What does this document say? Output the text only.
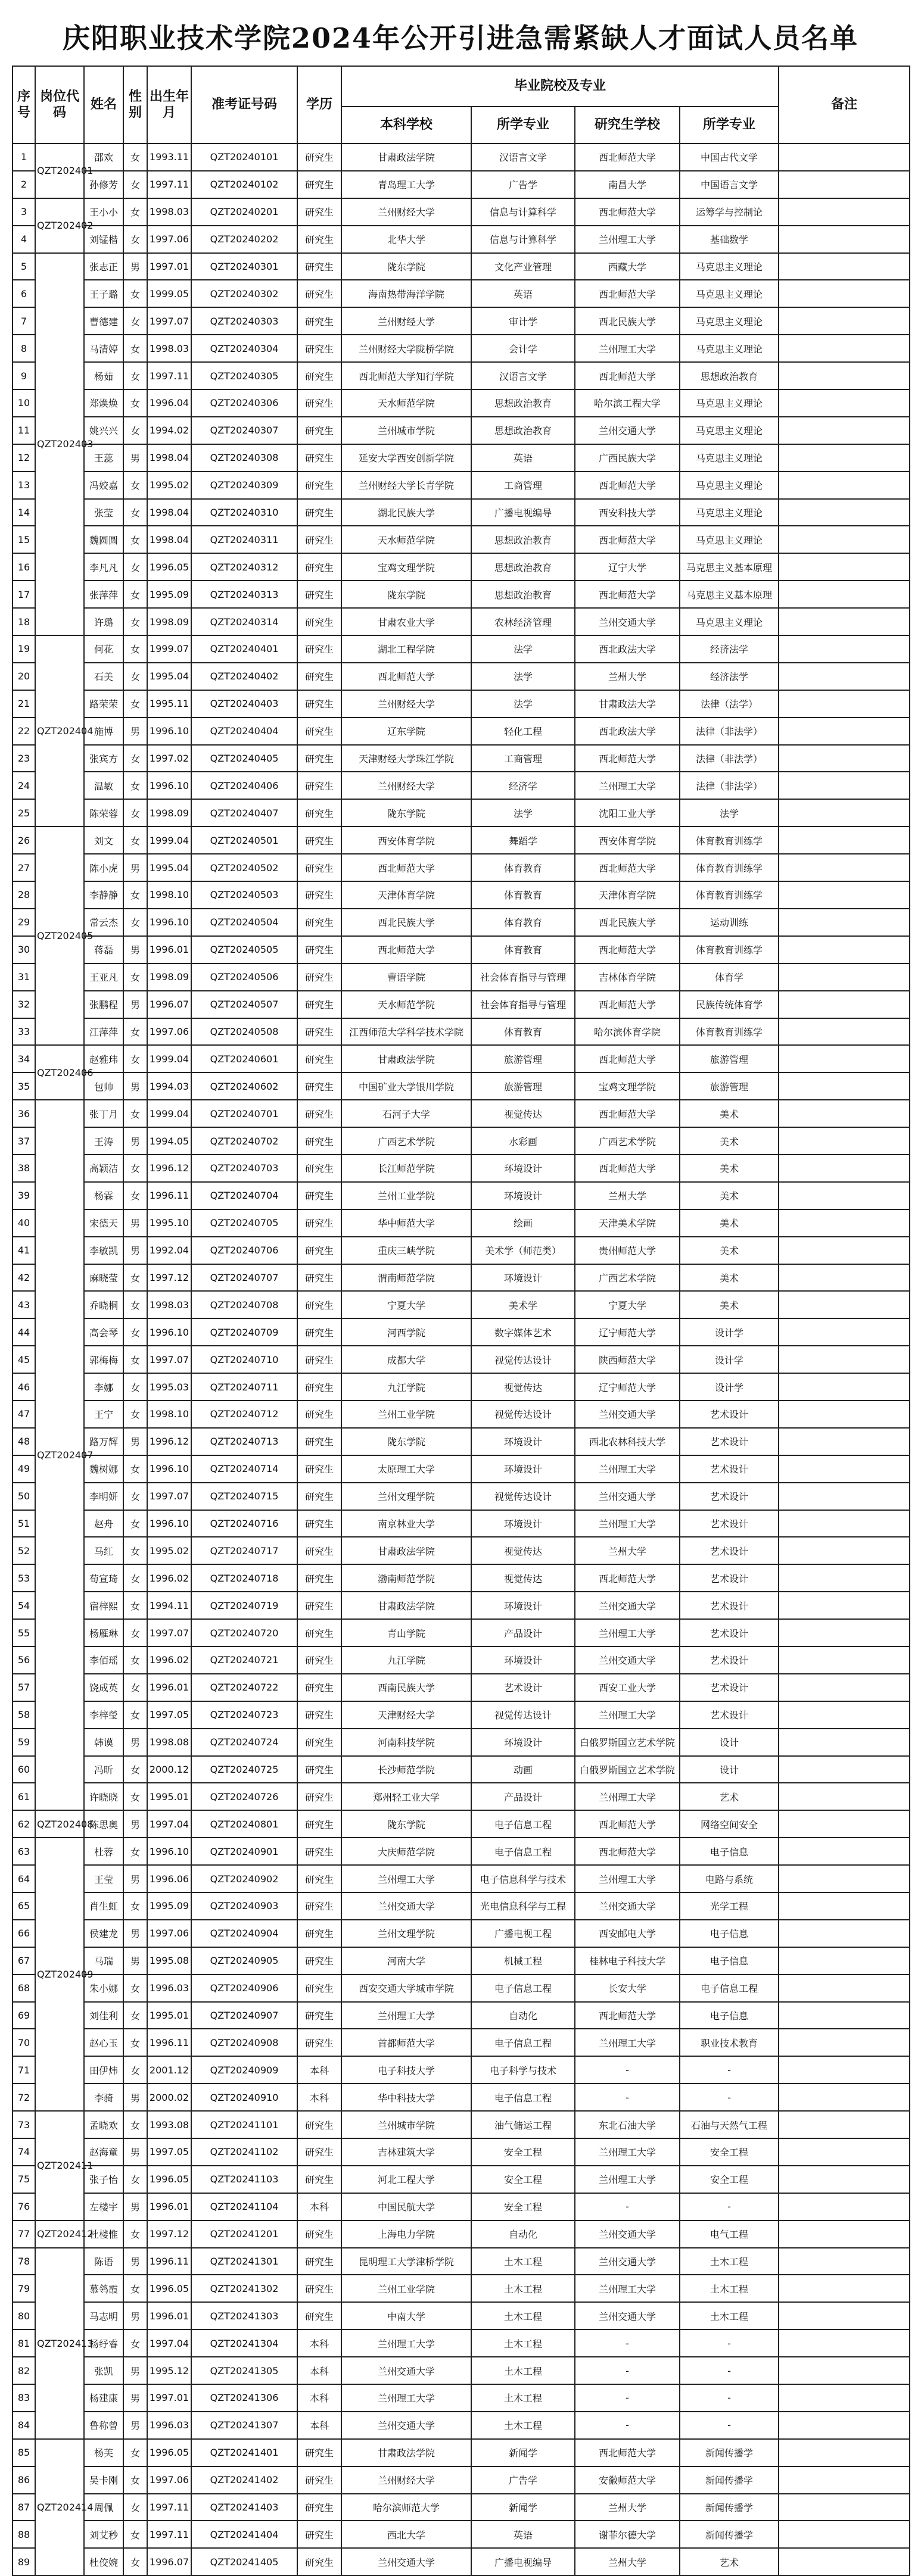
庆阳职业技术学院2024年公开引进急需紧缺人才面试人员名单
序号	岗位代码	姓名	性别	出生年月	准考证号码	学历	毕业院校及专业				备注
							本科学校	所学专业	研究生学校	所学专业	
1	QZT202401	邵欢	女	1993.11	QZT20240101	研究生	甘肃政法学院	汉语言文学	西北师范大学	中国古代文学	
2		孙修芳	女	1997.11	QZT20240102	研究生	青岛理工大学	广告学	南昌大学	中国语言文学	
3	QZT202402	王小小	女	1998.03	QZT20240201	研究生	兰州财经大学	信息与计算科学	西北师范大学	运筹学与控制论	
4		刘锰楷	女	1997.06	QZT20240202	研究生	北华大学	信息与计算科学	兰州理工大学	基础数学	
5	QZT202403	张志正	男	1997.01	QZT20240301	研究生	陇东学院	文化产业管理	西藏大学	马克思主义理论	
6		王子璐	女	1999.05	QZT20240302	研究生	海南热带海洋学院	英语	西北师范大学	马克思主义理论	
7		曹德建	女	1997.07	QZT20240303	研究生	兰州财经大学	审计学	西北民族大学	马克思主义理论	
8		马清婷	女	1998.03	QZT20240304	研究生	兰州财经大学陇桥学院	会计学	兰州理工大学	马克思主义理论	
9		杨茹	女	1997.11	QZT20240305	研究生	西北师范大学知行学院	汉语言文学	西北师范大学	思想政治教育	
10		郑焕焕	女	1996.04	QZT20240306	研究生	天水师范学院	思想政治教育	哈尔滨工程大学	马克思主义理论	
11		姚兴兴	女	1994.02	QZT20240307	研究生	兰州城市学院	思想政治教育	兰州交通大学	马克思主义理论	
12		王蕊	男	1998.04	QZT20240308	研究生	延安大学西安创新学院	英语	广西民族大学	马克思主义理论	
13		冯姣嘉	女	1995.02	QZT20240309	研究生	兰州财经大学长青学院	工商管理	西北师范大学	马克思主义理论	
14		张莹	女	1998.04	QZT20240310	研究生	湖北民族大学	广播电视编导	西安科技大学	马克思主义理论	
15		魏圆圆	女	1998.04	QZT20240311	研究生	天水师范学院	思想政治教育	西北师范大学	马克思主义理论	
16		李凡凡	女	1996.05	QZT20240312	研究生	宝鸡文理学院	思想政治教育	辽宁大学	马克思主义基本原理	
17		张萍萍	女	1995.09	QZT20240313	研究生	陇东学院	思想政治教育	西北师范大学	马克思主义基本原理	
18		许璐	女	1998.09	QZT20240314	研究生	甘肃农业大学	农林经济管理	兰州交通大学	马克思主义理论	
19	QZT202404	何花	女	1999.07	QZT20240401	研究生	湖北工程学院	法学	西北政法大学	经济法学	
20		石美	女	1995.04	QZT20240402	研究生	西北师范大学	法学	兰州大学	经济法学	
21		路荣荣	女	1995.11	QZT20240403	研究生	兰州财经大学	法学	甘肃政法大学	法律（法学）	
22		施博	男	1996.10	QZT20240404	研究生	辽东学院	轻化工程	西北政法大学	法律（非法学）	
23		张宾方	女	1997.02	QZT20240405	研究生	天津财经大学珠江学院	工商管理	西北师范大学	法律（非法学）	
24		温敏	女	1996.10	QZT20240406	研究生	兰州财经大学	经济学	兰州理工大学	法律（非法学）	
25		陈荣蓉	女	1998.09	QZT20240407	研究生	陇东学院	法学	沈阳工业大学	法学	
26	QZT202405	刘文	女	1999.04	QZT20240501	研究生	西安体育学院	舞蹈学	西安体育学院	体育教育训练学	
27		陈小虎	男	1995.04	QZT20240502	研究生	西北师范大学	体育教育	西北师范大学	体育教育训练学	
28		李静静	女	1998.10	QZT20240503	研究生	天津体育学院	体育教育	天津体育学院	体育教育训练学	
29		常云杰	女	1996.10	QZT20240504	研究生	西北民族大学	体育教育	西北民族大学	运动训练	
30		蒋磊	男	1996.01	QZT20240505	研究生	西北师范大学	体育教育	西北师范大学	体育教育训练学	
31		王亚凡	女	1998.09	QZT20240506	研究生	曹语学院	社会体育指导与管理	吉林体育学院	体育学	
32		张鹏程	男	1996.07	QZT20240507	研究生	天水师范学院	社会体育指导与管理	西北师范大学	民族传统体育学	
33		江萍萍	女	1997.06	QZT20240508	研究生	江西师范大学科学技术学院	体育教育	哈尔滨体育学院	体育教育训练学	
34	QZT202406	赵雅玮	女	1999.04	QZT20240601	研究生	甘肃政法学院	旅游管理	西北师范大学	旅游管理	
35		包帅	男	1994.03	QZT20240602	研究生	中国矿业大学银川学院	旅游管理	宝鸡文理学院	旅游管理	
36	QZT202407	张丁月	女	1999.04	QZT20240701	研究生	石河子大学	视觉传达	西北师范大学	美术	
37		王涛	男	1994.05	QZT20240702	研究生	广西艺术学院	水彩画	广西艺术学院	美术	
38		高颖洁	女	1996.12	QZT20240703	研究生	长江师范学院	环境设计	西北师范大学	美术	
39		杨霖	女	1996.11	QZT20240704	研究生	兰州工业学院	环境设计	兰州大学	美术	
40		宋德天	男	1995.10	QZT20240705	研究生	华中师范大学	绘画	天津美术学院	美术	
41		李敏凯	男	1992.04	QZT20240706	研究生	重庆三峡学院	美术学（师范类）	贵州师范大学	美术	
42		麻晓莹	女	1997.12	QZT20240707	研究生	渭南师范学院	环境设计	广西艺术学院	美术	
43		乔晓桐	女	1998.03	QZT20240708	研究生	宁夏大学	美术学	宁夏大学	美术	
44		高会琴	女	1996.10	QZT20240709	研究生	河西学院	数字媒体艺术	辽宁师范大学	设计学	
45		郭梅梅	女	1997.07	QZT20240710	研究生	成都大学	视觉传达设计	陕西师范大学	设计学	
46		李娜	女	1995.03	QZT20240711	研究生	九江学院	视觉传达	辽宁师范大学	设计学	
47		王宁	女	1998.10	QZT20240712	研究生	兰州工业学院	视觉传达设计	兰州交通大学	艺术设计	
48		路万辉	男	1996.12	QZT20240713	研究生	陇东学院	环境设计	西北农林科技大学	艺术设计	
49		魏树娜	女	1996.10	QZT20240714	研究生	太原理工大学	环境设计	兰州理工大学	艺术设计	
50		李明妍	女	1997.07	QZT20240715	研究生	兰州文理学院	视觉传达设计	兰州交通大学	艺术设计	
51		赵舟	女	1996.10	QZT20240716	研究生	南京林业大学	环境设计	兰州理工大学	艺术设计	
52		马红	女	1995.02	QZT20240717	研究生	甘肃政法学院	视觉传达	兰州大学	艺术设计	
53		荀宣琦	女	1996.02	QZT20240718	研究生	渤南师范学院	视觉传达	西北师范大学	艺术设计	
54		宿梓熙	女	1994.11	QZT20240719	研究生	甘肃政法学院	环境设计	兰州交通大学	艺术设计	
55		杨雁琳	女	1997.07	QZT20240720	研究生	青山学院	产品设计	兰州理工大学	艺术设计	
56		李佰瑶	女	1996.02	QZT20240721	研究生	九江学院	环境设计	兰州交通大学	艺术设计	
57		饶成英	女	1996.01	QZT20240722	研究生	西南民族大学	艺术设计	西安工业大学	艺术设计	
58		李梓瑩	女	1997.05	QZT20240723	研究生	天津财经大学	视觉传达设计	兰州理工大学	艺术设计	
59		韩谟	男	1998.08	QZT20240724	研究生	河南科技学院	环境设计	白俄罗斯国立艺术学院	设计	
60		冯昕	女	2000.12	QZT20240725	研究生	长沙师范学院	动画	白俄罗斯国立艺术学院	设计	
61		许晓晓	女	1995.01	QZT20240726	研究生	郑州轻工业大学	产品设计	兰州理工大学	艺术	
62	QZT202408	陈思奥	男	1997.04	QZT20240801	研究生	陇东学院	电子信息工程	西北师范大学	网络空间安全	
63	QZT202409	杜蓉	女	1996.10	QZT20240901	研究生	大庆师范学院	电子信息工程	西北师范大学	电子信息	
64		王莹	男	1996.06	QZT20240902	研究生	兰州理工大学	电子信息科学与技术	兰州理工大学	电路与系统	
65		肖生虹	女	1995.09	QZT20240903	研究生	兰州交通大学	光电信息科学与工程	兰州交通大学	光学工程	
66		侯建龙	男	1997.06	QZT20240904	研究生	兰州文理学院	广播电视工程	西安邮电大学	电子信息	
67		马瑞	男	1995.08	QZT20240905	研究生	河南大学	机械工程	桂林电子科技大学	电子信息	
68		朱小娜	女	1996.03	QZT20240906	研究生	西安交通大学城市学院	电子信息工程	长安大学	电子信息工程	
69		刘佳利	女	1995.01	QZT20240907	研究生	兰州理工大学	自动化	西北师范大学	电子信息	
70		赵心玉	女	1996.11	QZT20240908	研究生	首都师范大学	电子信息工程	兰州理工大学	职业技术教育	
71		田伊炜	女	2001.12	QZT20240909	本科	电子科技大学	电子科学与技术	-	-	
72		李骑	男	2000.02	QZT20240910	本科	华中科技大学	电子信息工程	-	-	
73	QZT202411	孟晓欢	女	1993.08	QZT20241101	研究生	兰州城市学院	油气储运工程	东北石油大学	石油与天然气工程	
74		赵海童	男	1997.05	QZT20241102	研究生	吉林建筑大学	安全工程	兰州理工大学	安全工程	
75		张子怡	女	1996.05	QZT20241103	研究生	河北工程大学	安全工程	兰州理工大学	安全工程	
76		左楼宇	男	1996.01	QZT20241104	本科	中国民航大学	安全工程	-	-	
77	QZT202412	杜楼惟	女	1997.12	QZT20241201	研究生	上海电力学院	自动化	兰州交通大学	电气工程	
78	QZT202413	陈语	男	1996.11	QZT20241301	研究生	昆明理工大学津桥学院	土木工程	兰州交通大学	土木工程	
79		慕鸰霞	女	1996.05	QZT20241302	研究生	兰州工业学院	土木工程	兰州理工大学	土木工程	
80		马志明	男	1996.01	QZT20241303	研究生	中南大学	土木工程	兰州交通大学	土木工程	
81		杨纾睿	女	1997.04	QZT20241304	本科	兰州理工大学	土木工程	-	-	
82		张凯	男	1995.12	QZT20241305	本科	兰州交通大学	土木工程	-	-	
83		杨建康	男	1997.01	QZT20241306	本科	兰州理工大学	土木工程	-	-	
84		鲁称曾	男	1996.03	QZT20241307	本科	兰州交通大学	土木工程	-	-	
85	QZT202414	杨芙	女	1996.05	QZT20241401	研究生	甘肃政法学院	新闻学	西北师范大学	新闻传播学	
86		吴卡刚	女	1997.06	QZT20241402	研究生	兰州财经大学	广告学	安徽师范大学	新闻传播学	
87		周佩	女	1997.11	QZT20241403	研究生	哈尔滨师范大学	新闻学	兰州大学	新闻传播学	
88		刘艾秒	女	1997.11	QZT20241404	研究生	西北大学	英语	谢菲尔德大学	新闻传播学	
89		杜佼婉	女	1996.07	QZT20241405	研究生	兰州交通大学	广播电视编导	兰州大学	艺术	
